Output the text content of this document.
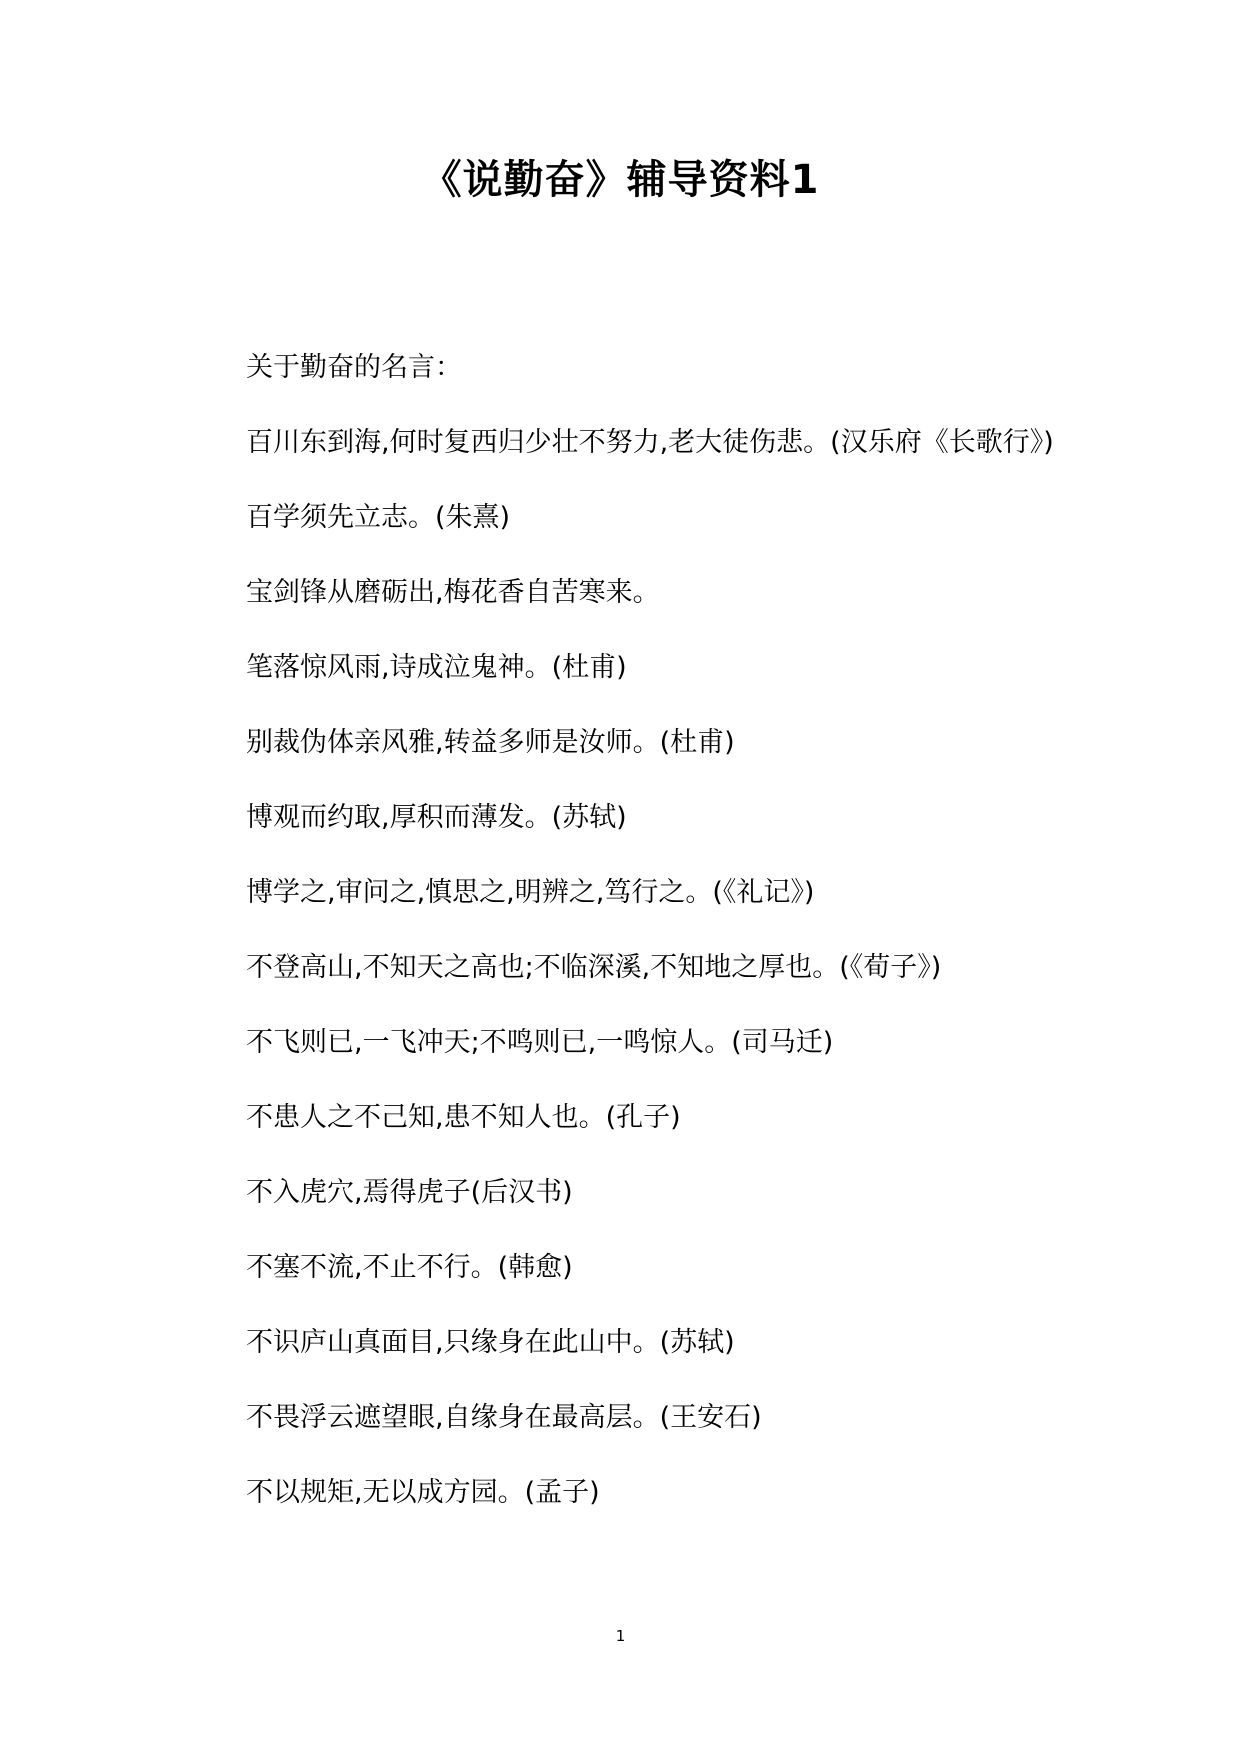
《说勤奋》辅导资料1

关于勤奋的名言：

百川东到海,何时复西归少壮不努力,老大徒伤悲。(汉乐府《长歌行》)

百学须先立志。(朱熹)

宝剑锋从磨砺出,梅花香自苦寒来。

笔落惊风雨,诗成泣鬼神。(杜甫)

别裁伪体亲风雅,转益多师是汝师。(杜甫)

博观而约取,厚积而薄发。(苏轼)

博学之,审问之,慎思之,明辨之,笃行之。(《礼记》)

不登高山,不知天之高也;不临深溪,不知地之厚也。(《荀子》)

不飞则已,一飞冲天;不鸣则已,一鸣惊人。(司马迁)

不患人之不己知,患不知人也。(孔子)

不入虎穴,焉得虎子(后汉书)

不塞不流,不止不行。(韩愈)

不识庐山真面目,只缘身在此山中。(苏轼)

不畏浮云遮望眼,自缘身在最高层。(王安石)

不以规矩,无以成方园。(孟子)

1
